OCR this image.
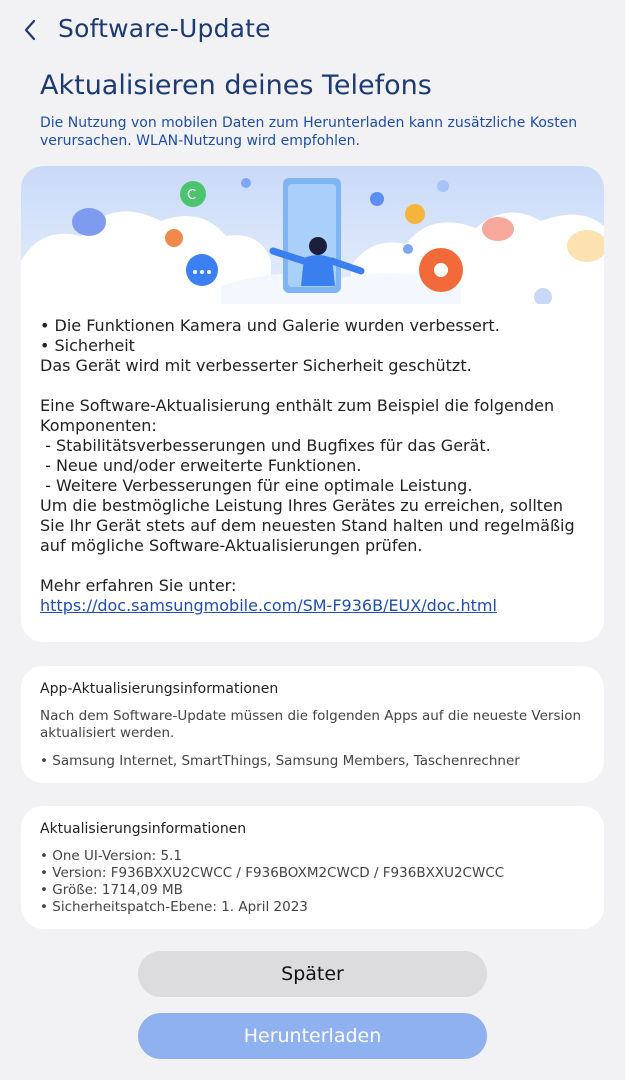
Software-Update
Aktualisieren deines Telefons
Die Nutzung von mobilen Daten zum Herunterladen kann zusätzliche Kosten verursachen. WLAN-Nutzung wird empfohlen.
C
• Die Funktionen Kamera und Galerie wurden verbessert.
• Sicherheit
Das Gerät wird mit verbesserter Sicherheit geschützt.

Eine Software-Aktualisierung enthält zum Beispiel die folgenden Komponenten:
- Stabilitätsverbesserungen und Bugfixes für das Gerät.
- Neue und/oder erweiterte Funktionen.
- Weitere Verbesserungen für eine optimale Leistung.
Um die bestmögliche Leistung Ihres Gerätes zu erreichen, sollten Sie Ihr Gerät stets auf dem neuesten Stand halten und regelmäßig auf mögliche Software-Aktualisierungen prüfen.

Mehr erfahren Sie unter:
https://doc.samsungmobile.com/SM-F936B/EUX/doc.html
App-Aktualisierungsinformationen
Nach dem Software-Update müssen die folgenden Apps auf die neueste Version aktualisiert werden.
• Samsung Internet, SmartThings, Samsung Members, Taschenrechner
Aktualisierungsinformationen
• One UI-Version: 5.1
• Version: F936BXXU2CWCC / F936BOXM2CWCD / F936BXXU2CWCC
• Größe: 1714,09 MB
• Sicherheitspatch-Ebene: 1. April 2023
Später
Herunterladen
